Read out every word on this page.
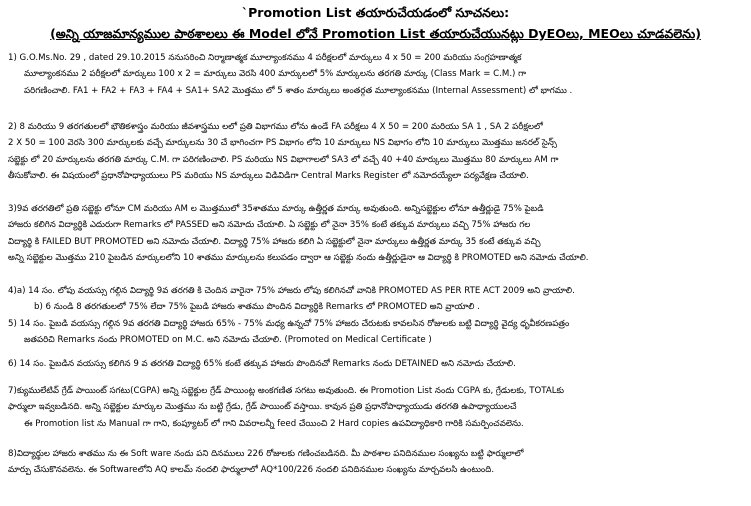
`Promotion List తయారుచేయడంలో సూచనలు:
(అన్ని యాజమాన్యముల పాఠశాలలు ఈ Model లోనే Promotion List తయారుచేయునట్లు DyEOలు, MEOలు చూడవలెను)
1) G.O.Ms.No. 29 , dated 29.10.2015 ననుసరించి నిర్మాణాత్మక మూల్యాంకనము 4 పరీక్షలలో మార్కులు 4 x 50 = 200 మరియు సంగ్రహణాత్మక
మూల్యాంకనము 2 పరీక్షలలో మార్కులు 100 x 2 = మార్కులు వెరసి 400 మార్కులలో 5% మార్కులను తరగతి మార్కు (Class Mark = C.M.) గా
పరిగణించాలి. FA1 + FA2 + FA3 + FA4 + SA1+ SA2 మొత్తము లో 5 శాతం మార్కులు అంతర్గత మూల్యాంకనము (Internal Assessment) లో భాగము .
2) 8 మరియు 9 తరగతులలో భౌతికశాస్త్రం మరియు జీవశాస్త్రము లలో ప్రతి విభాగము లోను ఉండే FA పరీక్షలు 4 X 50 = 200 మరియు SA 1 , SA 2 పరీక్షలలో
2 X 50 = 100 వెరసి 300 మార్కులకు వచ్చే మార్కులను 30 చే భాగించగా PS విభాగం లోని 10 మార్కులు NS విభాగం లోని 10 మార్కులు మొత్తము జనరల్ సైన్స్
సబ్జెక్టు లో 20 మార్కులను తరగతి మార్కు C.M. గా పరిగణించాలి. PS మరియు NS విభాగాలలో SA3 లో వచ్చే 40 +40 మార్కులు మొత్తము 80 మార్కులు AM గా
తీసుకోవాలి. ఈ విషయంలో ప్రధానోపాధ్యాయులు PS మరియు NS మార్కులు విడివిడిగా Central Marks Register లో నమోదయ్యేలా పర్యవేక్షణ చేయాలి.
3)9వ తరగతిలో ప్రతి సబ్జెక్టు లోనూ CM మరియు AM ల మొత్తములో 35శాతము మార్కు ఉత్తీర్ణత మార్కు అవుతుంది. అన్నిసబ్జెక్టుల లోనూ ఉత్తీర్ణుడై 75% పైబడి
హాజరు కలిగిన విద్యార్థికి ఎదురుగా Remarks లో PASSED అని నమోదు చేయాలి. ఏ సబ్జెక్టు లో నైనా 35% కంటే తక్కువ మార్కులు వచ్చి 75% హాజరు గల
విద్యార్థి కి FAILED BUT PROMOTED అని నమోదు చేయాలి. విద్యార్థి 75% హాజరు కలిగి ఏ సబ్జెక్టులో నైనా మార్కులు ఉత్తీర్ణత మార్కు 35 కంటే తక్కువ వచ్చి
అన్ని సబ్జెక్టుల మొత్తము 210 పైబడిన మార్కులలోని 10 శాతము మార్కులను కలుపడం ద్వారా ఆ సబ్జెక్టు నందు ఉత్తీర్ణుడైనా ఆ విద్యార్థి కి PROMOTED అని నమోదు చేయాలి.
4)a) 14 సం. లోపు వయస్సు గల్గిన విద్యార్థి 9వ తరగతి కి చెందిన వారైనా 75% హాజరు లోపు కలిగినచో వానికి PROMOTED AS PER RTE ACT 2009 అని వ్రాయాలి.
b) 6 నుండి 8 తరగతులలో 75% లేదా 75% పైబడి హాజరు శాతము పొందిన విద్యార్థికి Remarks లో PROMOTED అని వ్రాయాలి .
5) 14 సం. పైబడి వయస్సు గల్గిన 9వ తరగతి విద్యార్థి హాజరు 65% - 75% మధ్య ఉన్నచో 75% హాజరు చేరుటకు కావలసిన రోజులకు బట్టి విద్యార్థి వైద్య ధృవీకరణపత్రం
జతపరిచి Remarks నందు PROMOTED on M.C. అని నమోదు చేయాలి. (Promoted on Medical Certificate )
6) 14 సం. పైబడిన వయస్సు కలిగిన 9 వ తరగతి విద్యార్థి 65% కంటే తక్కువ హాజరు పొందినచో Remarks నందు DETAINED అని నమోదు చేయాలి.
7)క్యుములేటివ్ గ్రేడ్ పాయింట్ సగటు(CGPA) అన్ని సబ్జెక్టుల గ్రేడ్ పాయింట్ల అంకగణిత సగటు అవుతుంది. ఈ Promotion List నందు CGPA కు, గ్రేడులకు, TOTALకు
ఫార్ములా ఇవ్వబడినది. అన్ని సబ్జెక్టుల మార్కుల మొత్తము ను బట్టి గ్రేడు, గ్రేడ్ పాయింట్ వస్తాయి. కావున ప్రతి ప్రధానోపాధ్యాయుడు తరగతి ఉపాధ్యాయులచే
ఈ Promotion list ను Manual గా గాని, కంప్యూటర్ లో గాని వివరాలన్నీ feed చేయించి 2 Hard copies ఉపవిద్యాధికారి గారికి సమర్పించవలెను.
8)విద్యార్థుల హాజరు శాతము ను ఈ Soft ware నందు పని దినములు 226 రోజులకు గణించబడినది. మీ పాఠశాల పనిదినముల సంఖ్యను బట్టి ఫార్ములాలో
మార్పు చేసుకొనవలెను. ఈ Softwareలోని AQ కాలమ్ నందలి ఫార్ములాలో AQ*100/226 నందలి పనిదినముల సంఖ్యను మార్చవలసి ఉంటుంది.
